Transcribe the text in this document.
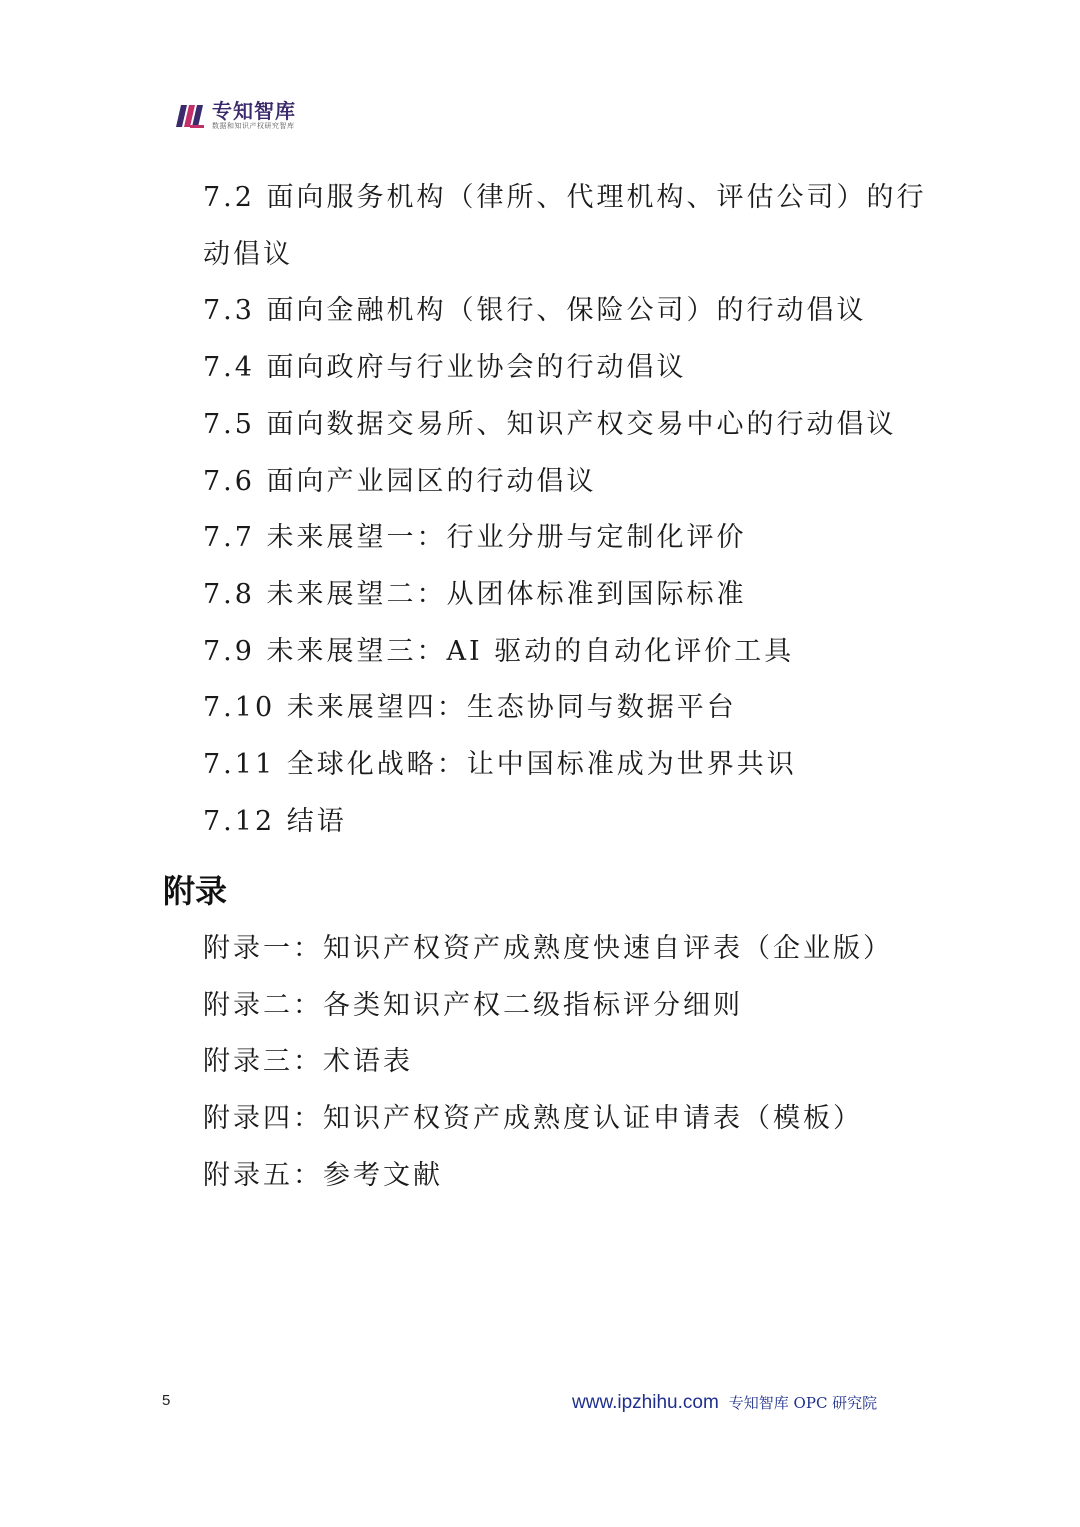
专知智库
数据和知识产权研究智库
7.2 面向服务机构（律所、代理机构、评估公司）的行动倡议
7.3 面向金融机构（银行、保险公司）的行动倡议
7.4 面向政府与行业协会的行动倡议
7.5 面向数据交易所、知识产权交易中心的行动倡议
7.6 面向产业园区的行动倡议
7.7 未来展望一：行业分册与定制化评价
7.8 未来展望二：从团体标准到国际标准
7.9 未来展望三：AI 驱动的自动化评价工具
7.10 未来展望四：生态协同与数据平台
7.11 全球化战略：让中国标准成为世界共识
7.12 结语
附录
附录一：知识产权资产成熟度快速自评表（企业版）
附录二：各类知识产权二级指标评分细则
附录三：术语表
附录四：知识产权资产成熟度认证申请表（模板）
附录五：参考文献
5	www.ipzhihu.com 专知智库 OPC 研究院
